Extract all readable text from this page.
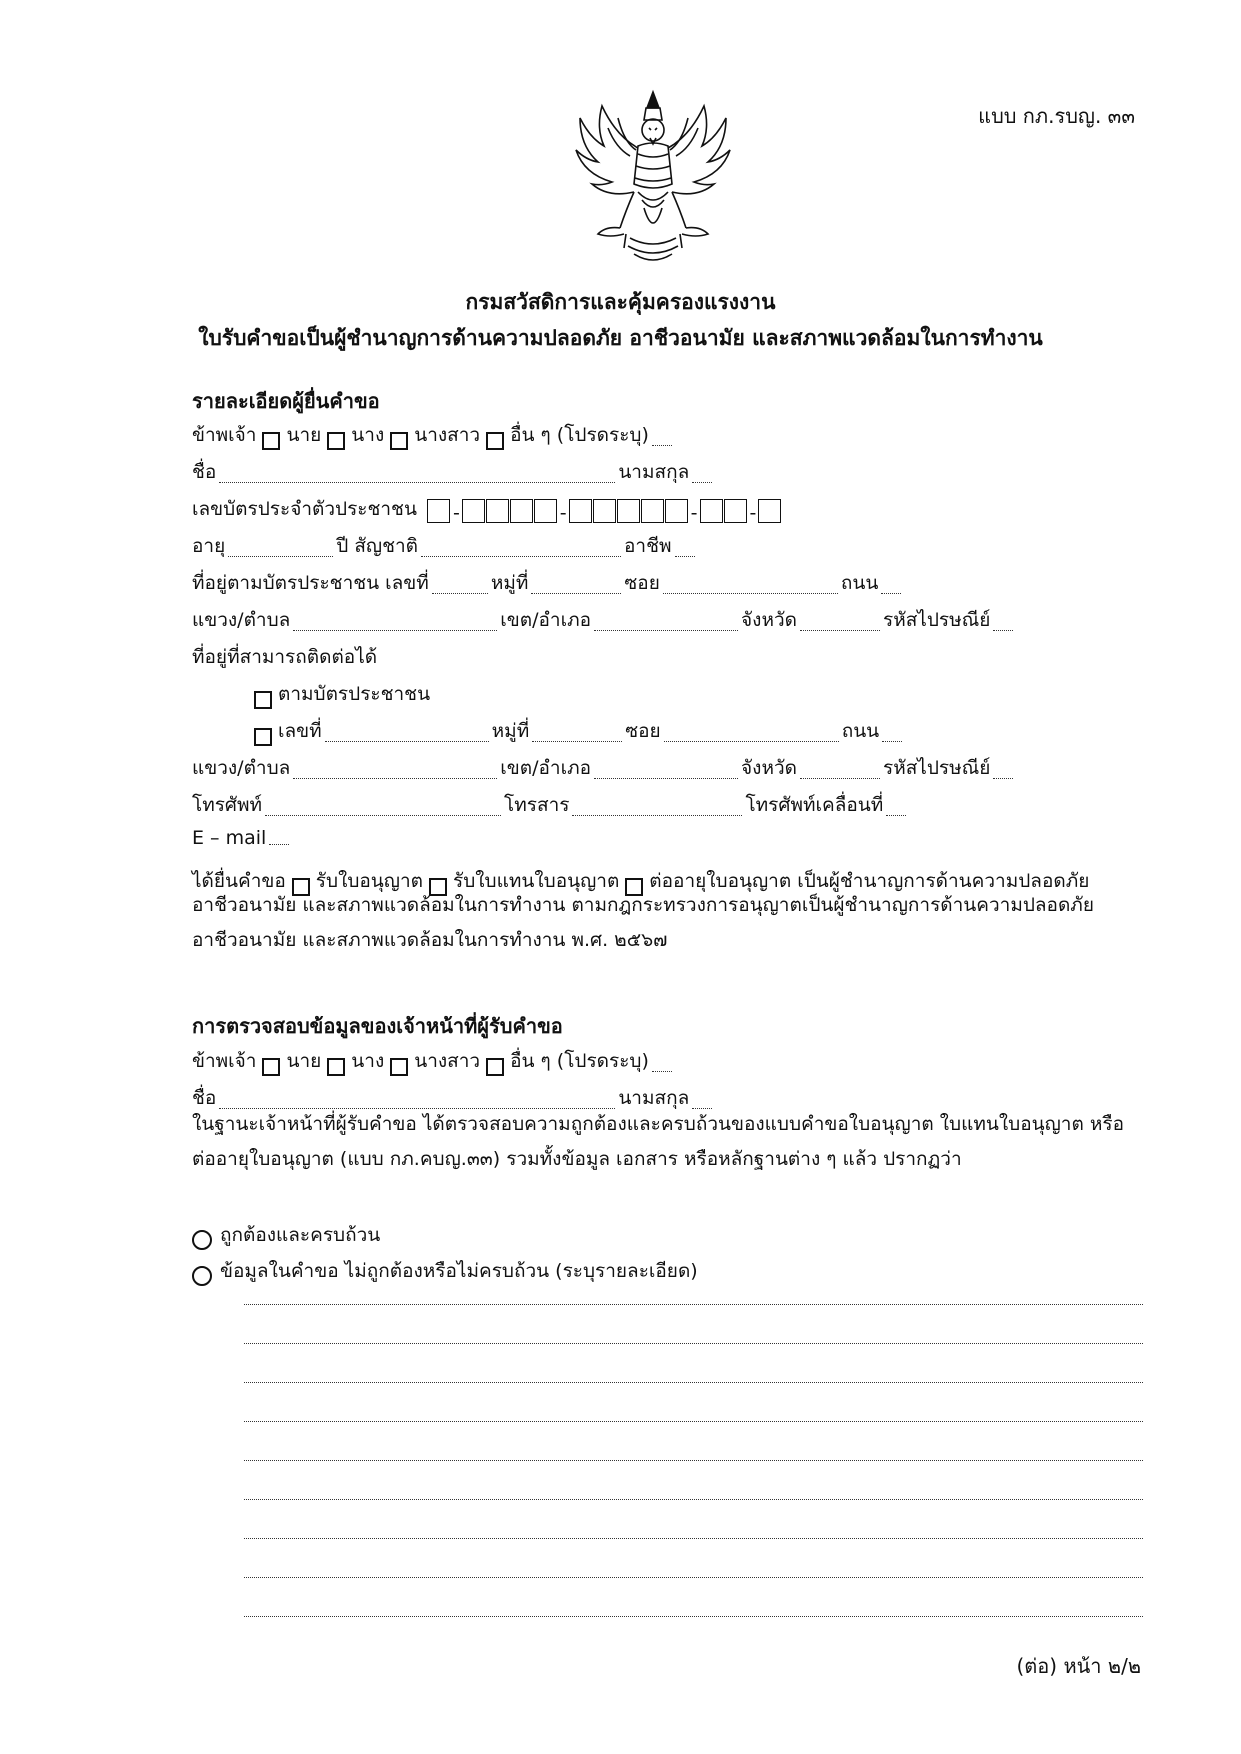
แบบ กภ.รบญ. ๓๓
กรมสวัสดิการและคุ้มครองแรงงาน
ใบรับคำขอเป็นผู้ชำนาญการด้านความปลอดภัย อาชีวอนามัย และสภาพแวดล้อมในการทำงาน
รายละเอียดผู้ยื่นคำขอ
ข้าพเจ้า นาย นาง นางสาว อื่น ๆ (โปรดระบุ)
ชื่อ	นามสกุล
เลขบัตรประจำตัวประชาชน	-	-	-	-
อายุ	ปี สัญชาติ	อาชีพ
ที่อยู่ตามบัตรประชาชน เลขที่	หมู่ที่	ซอย	ถนน
แขวง/ตำบล	เขต/อำเภอ	จังหวัด	รหัสไปรษณีย์
ที่อยู่ที่สามารถติดต่อได้
ตามบัตรประชาชน
เลขที่	หมู่ที่	ซอย	ถนน
แขวง/ตำบล	เขต/อำเภอ	จังหวัด	รหัสไปรษณีย์
โทรศัพท์	โทรสาร	โทรศัพท์เคลื่อนที่
E – mail
ได้ยื่นคำขอ รับใบอนุญาต รับใบแทนใบอนุญาต ต่ออายุใบอนุญาต เป็นผู้ชำนาญการด้านความปลอดภัย
อาชีวอนามัย และสภาพแวดล้อมในการทำงาน ตามกฎกระทรวงการอนุญาตเป็นผู้ชำนาญการด้านความปลอดภัย อาชีวอนามัย และสภาพแวดล้อมในการทำงาน พ.ศ. ๒๕๖๗
การตรวจสอบข้อมูลของเจ้าหน้าที่ผู้รับคำขอ
ข้าพเจ้า นาย นาง นางสาว อื่น ๆ (โปรดระบุ)
ชื่อ	นามสกุล
ในฐานะเจ้าหน้าที่ผู้รับคำขอ ได้ตรวจสอบความถูกต้องและครบถ้วนของแบบคำขอใบอนุญาต ใบแทนใบอนุญาต หรือต่ออายุใบอนุญาต (แบบ กภ.คบญ.๓๓) รวมทั้งข้อมูล เอกสาร หรือหลักฐานต่าง ๆ แล้ว ปรากฏว่า
ถูกต้องและครบถ้วน
ข้อมูลในคำขอ ไม่ถูกต้องหรือไม่ครบถ้วน (ระบุรายละเอียด)
(ต่อ) หน้า ๒/๒
